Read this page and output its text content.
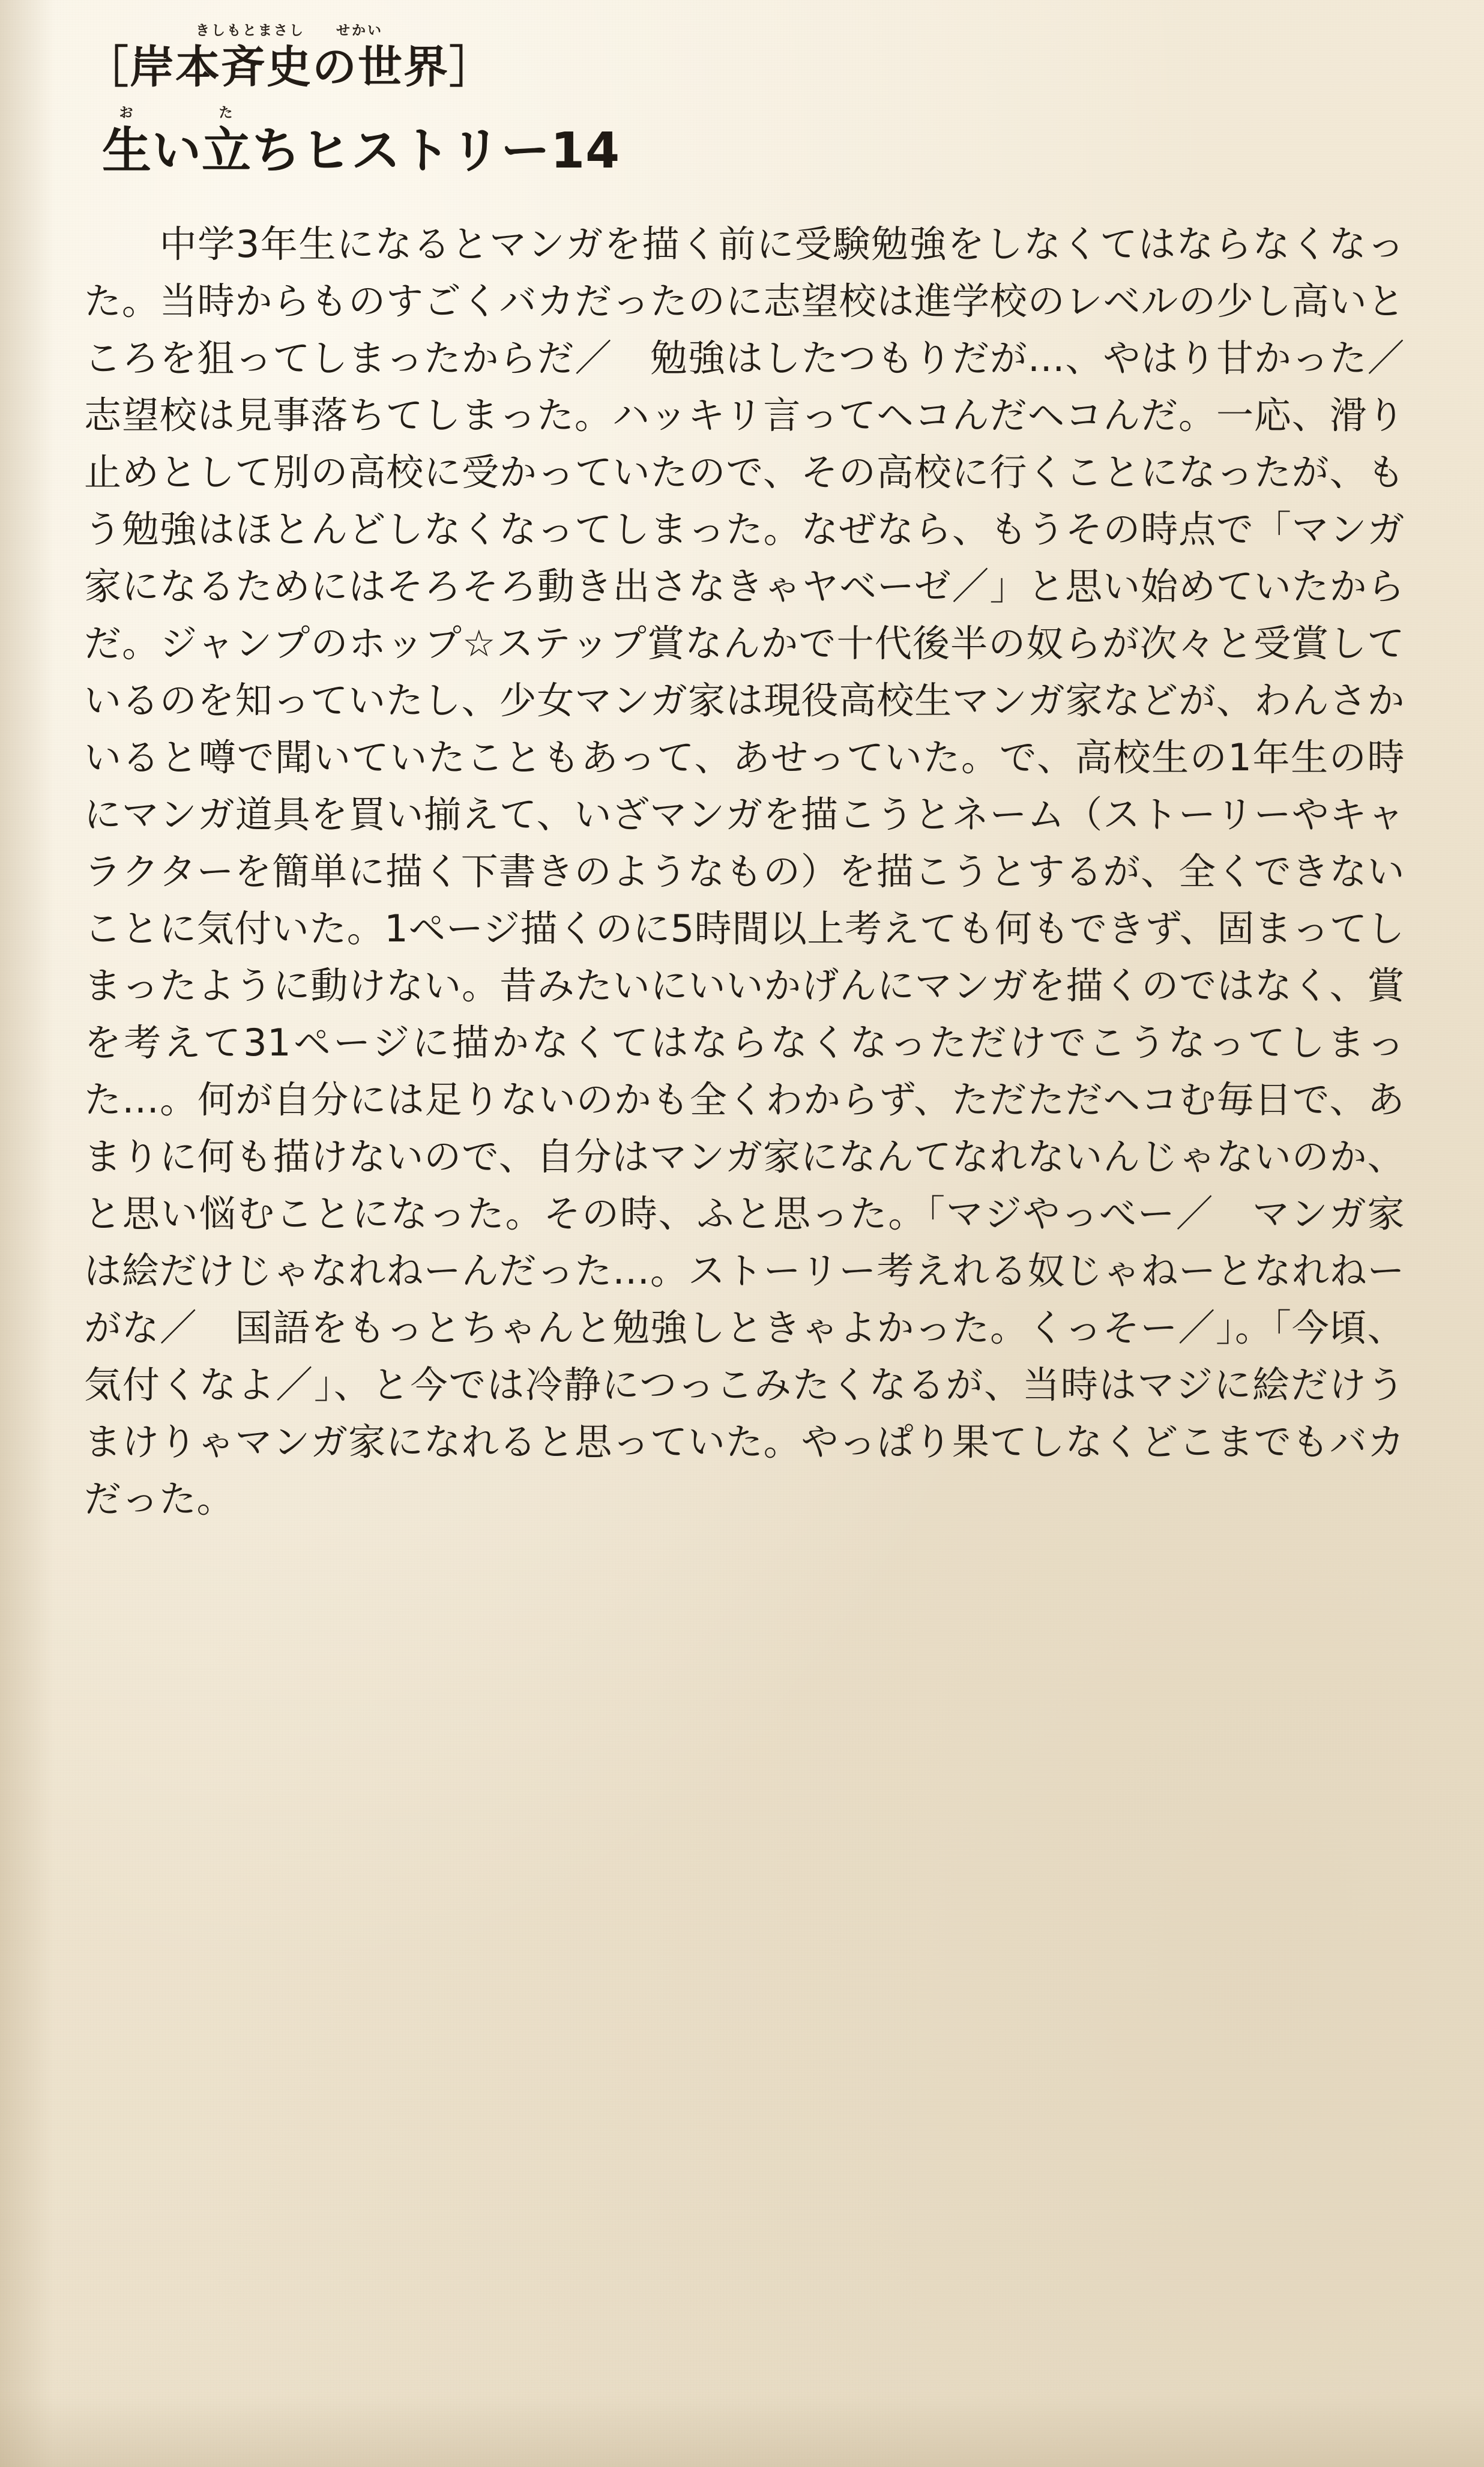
［
きしもとまさし　　せかい
岸本斉史の世界］
お
生い
た
立ちヒストリー14

　中学3年生になるとマンガを描く前に受験勉強をしなくてはならなくなった。当時からものすごくバカだったのに志望校は進学校のレベルの少し高いところを狙ってしまったからだ／　勉強はしたつもりだが…、やはり甘かった／　志望校は見事落ちてしまった。ハッキリ言ってヘコんだヘコんだ。一応、滑り止めとして別の高校に受かっていたので、その高校に行くことになったが、もう勉強はほとんどしなくなってしまった。なぜなら、もうその時点で「マンガ家になるためにはそろそろ動き出さなきゃヤベーゼ／」と思い始めていたからだ。ジャンプのホップ☆ステップ賞なんかで十代後半の奴らが次々と受賞しているのを知っていたし、少女マンガ家は現役高校生マンガ家などが、わんさかいると噂で聞いていたこともあって、あせっていた。で、高校生の1年生の時にマンガ道具を買い揃えて、いざマンガを描こうとネーム（ストーリーやキャラクターを簡単に描く下書きのようなもの）を描こうとするが、全くできないことに気付いた。1ページ描くのに5時間以上考えても何もできず、固まってしまったように動けない。昔みたいにいいかげんにマンガを描くのではなく、賞を考えて31ページに描かなくてはならなくなっただけでこうなってしまった…。何が自分には足りないのかも全くわからず、ただただヘコむ毎日で、あまりに何も描けないので、自分はマンガ家になんてなれないんじゃないのか、と思い悩むことになった。その時、ふと思った。「マジやっべー／　マンガ家は絵だけじゃなれねーんだった…。ストーリー考えれる奴じゃねーとなれねーがな／　国語をもっとちゃんと勉強しときゃよかった。くっそー／」。「今頃、気付くなよ／」、と今では冷静につっこみたくなるが、当時はマジに絵だけうまけりゃマンガ家になれると思っていた。やっぱり果てしなくどこまでもバカだった。
